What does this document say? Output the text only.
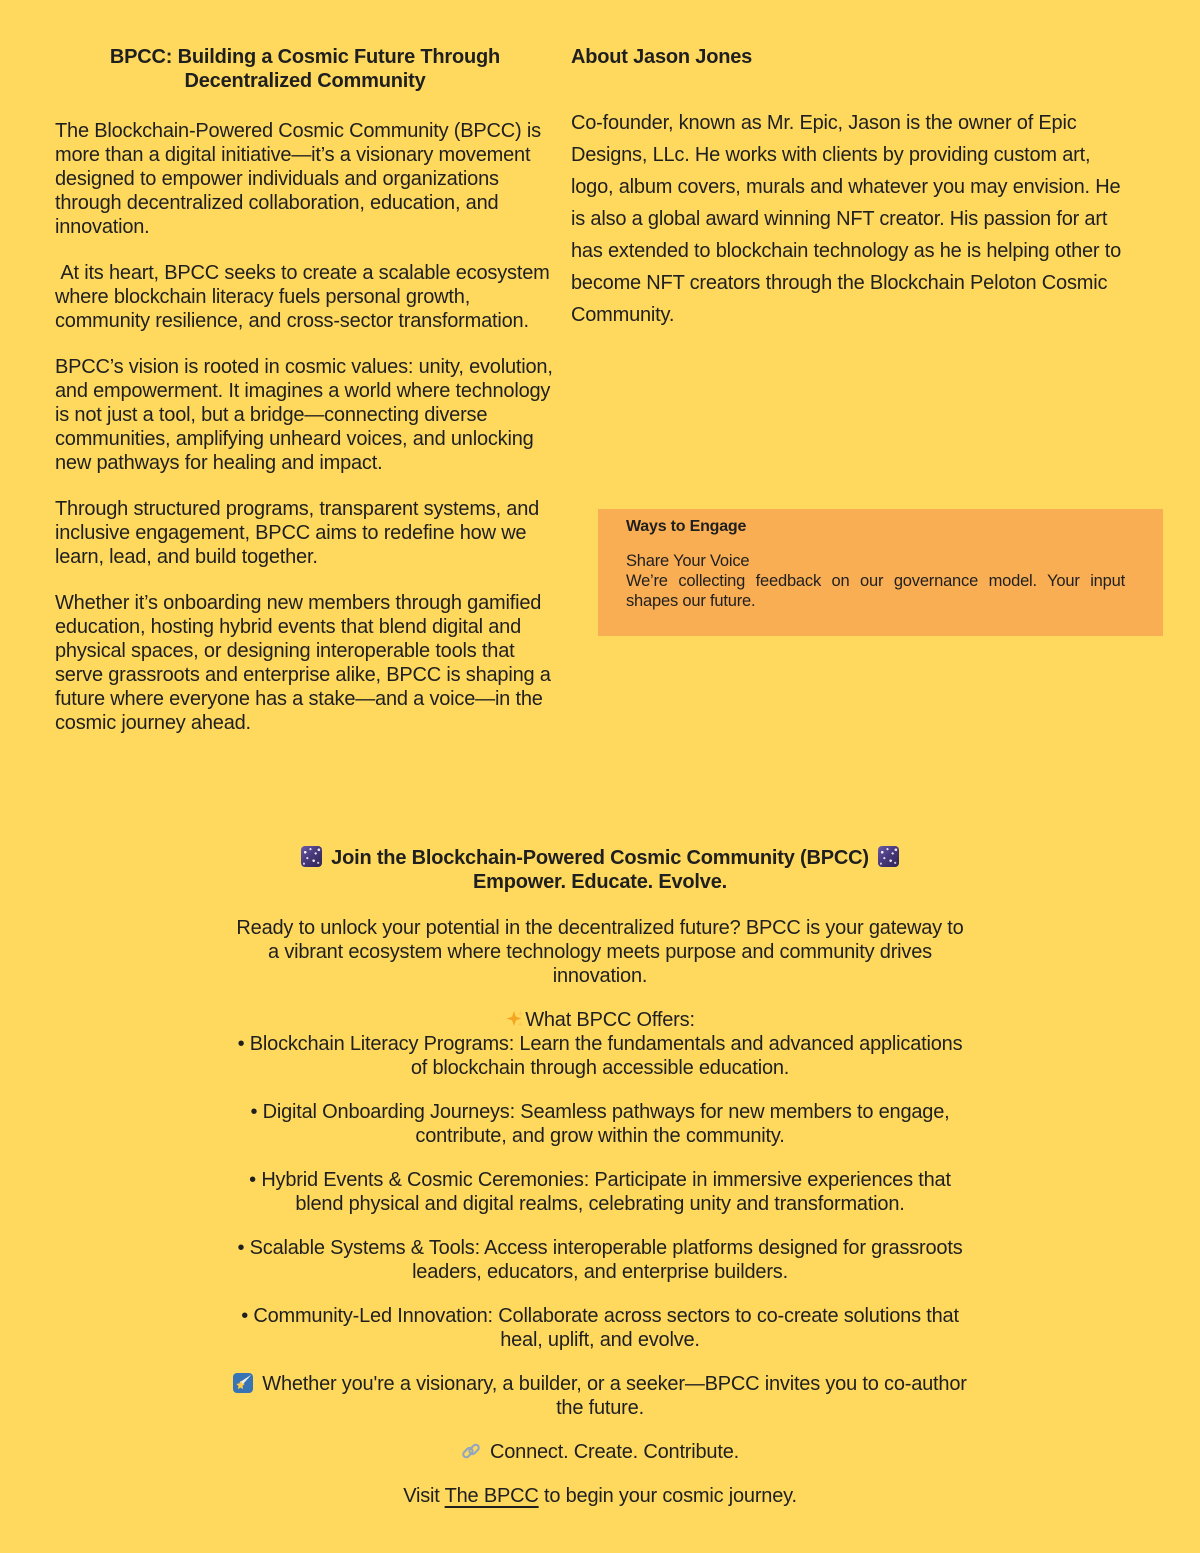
BPCC: Building a Cosmic Future Through Decentralized Community

The Blockchain-Powered Cosmic Community (BPCC) is more than a digital initiative—it’s a visionary movement designed to empower individuals and organizations through decentralized collaboration, education, and innovation.

At its heart, BPCC seeks to create a scalable ecosystem where blockchain literacy fuels personal growth, community resilience, and cross-sector transformation.

BPCC’s vision is rooted in cosmic values: unity, evolution, and empowerment. It imagines a world where technology is not just a tool, but a bridge—connecting diverse communities, amplifying unheard voices, and unlocking new pathways for healing and impact.

Through structured programs, transparent systems, and inclusive engagement, BPCC aims to redefine how we learn, lead, and build together.

Whether it’s onboarding new members through gamified education, hosting hybrid events that blend digital and physical spaces, or designing interoperable tools that serve grassroots and enterprise alike, BPCC is shaping a future where everyone has a stake—and a voice—in the cosmic journey ahead.

About Jason Jones

Co-founder, known as Mr. Epic, Jason is the owner of Epic Designs, LLc. He works with clients by providing custom art, logo, album covers, murals and whatever you may envision. He is also a global award winning NFT creator. His passion for art has extended to blockchain technology as he is helping other to become NFT creators through the Blockchain Peloton Cosmic Community.

Ways to Engage
Share Your Voice

We’re collecting feedback on our governance model. Your input shapes our future.

Join the Blockchain-Powered Cosmic Community (BPCC)
Empower. Educate. Evolve.

Ready to unlock your potential in the decentralized future? BPCC is your gateway to a vibrant ecosystem where technology meets purpose and community drives innovation.

What BPCC Offers:

• Blockchain Literacy Programs: Learn the fundamentals and advanced applications of blockchain through accessible education.

• Digital Onboarding Journeys: Seamless pathways for new members to engage, contribute, and grow within the community.

• Hybrid Events & Cosmic Ceremonies: Participate in immersive experiences that blend physical and digital realms, celebrating unity and transformation.

• Scalable Systems & Tools: Access interoperable platforms designed for grassroots leaders, educators, and enterprise builders.

• Community-Led Innovation: Collaborate across sectors to co-create solutions that heal, uplift, and evolve.

Whether you're a visionary, a builder, or a seeker—BPCC invites you to co-author the future.

Connect. Create. Contribute.

Visit The BPCC to begin your cosmic journey.
